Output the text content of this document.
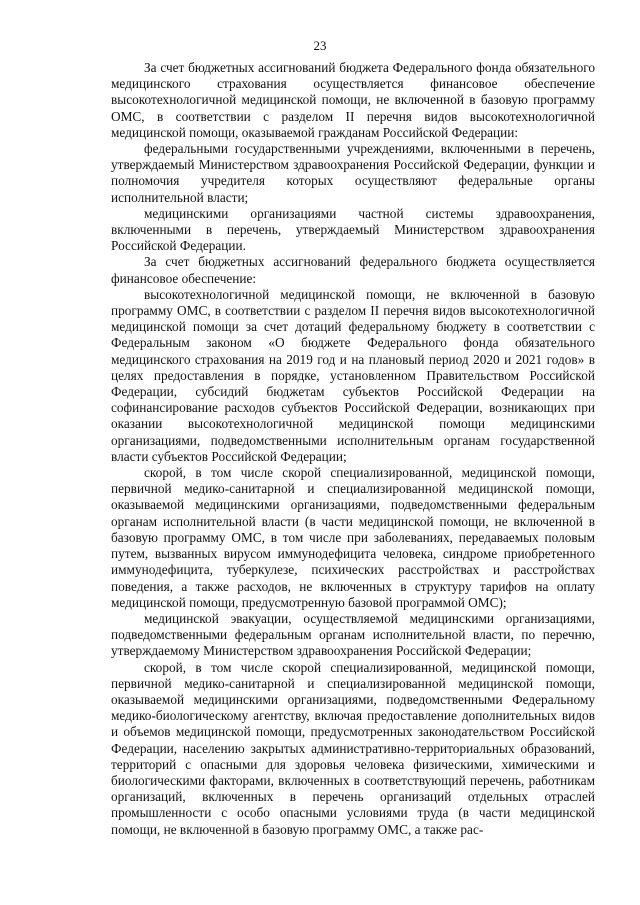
23

За счет бюджетных ассигнований бюджета Федерального фонда обязательного медицинского страхования осуществляется финансовое обеспечение высокотехнологичной медицинской помощи, не включенной в базовую программу ОМС, в соответствии с разделом II перечня видов высокотехнологичной медицинской помощи, оказываемой гражданам Российской Федерации:

федеральными государственными учреждениями, включенными в перечень, утверждаемый Министерством здравоохранения Российской Федерации, функции и полномочия учредителя которых осуществляют федеральные органы исполнительной власти;

медицинскими организациями частной системы здравоохранения, включенными в перечень, утверждаемый Министерством здравоохранения Российской Федерации.

За счет бюджетных ассигнований федерального бюджета осуществляется финансовое обеспечение:

высокотехнологичной медицинской помощи, не включенной в базовую программу ОМС, в соответствии с разделом II перечня видов высокотехнологичной медицинской помощи за счет дотаций федеральному бюджету в соответствии с Федеральным законом «О бюджете Федерального фонда обязательного медицинского страхования на 2019 год и на плановый период 2020 и 2021 годов» в целях предоставления в порядке, установленном Правительством Российской Федерации, субсидий бюджетам субъектов Российской Федерации на софинансирование расходов субъектов Российской Федерации, возникающих при оказании высокотехнологичной медицинской помощи медицинскими организациями, подведомственными исполнительным органам государственной власти субъектов Российской Федерации;

скорой, в том числе скорой специализированной, медицинской помощи, первичной медико-санитарной и специализированной медицинской помощи, оказываемой медицинскими организациями, подведомственными федеральным органам исполнительной власти (в части медицинской помощи, не включенной в базовую программу ОМС, в том числе при заболеваниях, передаваемых половым путем, вызванных вирусом иммунодефицита человека, синдроме приобретенного иммунодефицита, туберкулезе, психических расстройствах и расстройствах поведения, а также расходов, не включенных в структуру тарифов на оплату медицинской помощи, предусмотренную базовой программой ОМС);

медицинской эвакуации, осуществляемой медицинскими организациями, подведомственными федеральным органам исполнительной власти, по перечню, утверждаемому Министерством здравоохранения Российской Федерации;

скорой, в том числе скорой специализированной, медицинской помощи, первичной медико-санитарной и специализированной медицинской помощи, оказываемой медицинскими организациями, подведомственными Федеральному медико-биологическому агентству, включая предоставление дополнительных видов и объемов медицинской помощи, предусмотренных законодательством Российской Федерации, населению закрытых административно-территориальных образований, территорий с опасными для здоровья человека физическими, химическими и биологическими факторами, включенных в соответствующий перечень, работникам организаций, включенных в перечень организаций отдельных отраслей промышленности с особо опасными условиями труда (в части медицинской помощи, не включенной в базовую программу ОМС, а также рас-
